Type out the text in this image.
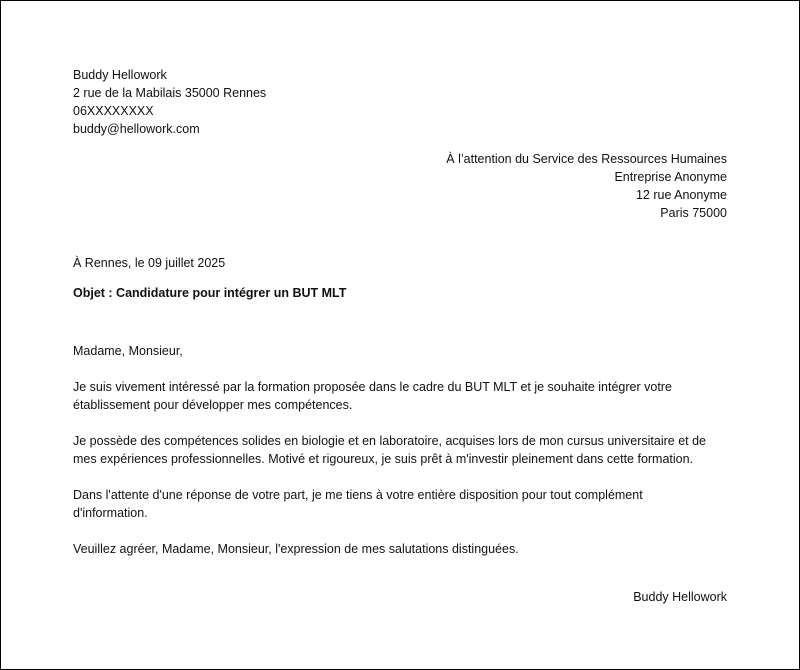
Buddy Hellowork
2 rue de la Mabilais 35000 Rennes
06XXXXXXXX
buddy@hellowork.com
À l’attention du Service des Ressources Humaines
Entreprise Anonyme
12 rue Anonyme
Paris 75000
À Rennes, le 09 juillet 2025
Objet : Candidature pour intégrer un BUT MLT

Madame, Monsieur,

Je suis vivement intéressé par la formation proposée dans le cadre du BUT MLT et je souhaite intégrer votre
établissement pour développer mes compétences.

Je possède des compétences solides en biologie et en laboratoire, acquises lors de mon cursus universitaire et de
mes expériences professionnelles. Motivé et rigoureux, je suis prêt à m'investir pleinement dans cette formation.

Dans l'attente d'une réponse de votre part, je me tiens à votre entière disposition pour tout complément
d'information.

Veuillez agréer, Madame, Monsieur, l'expression de mes salutations distinguées.

Buddy Hellowork
